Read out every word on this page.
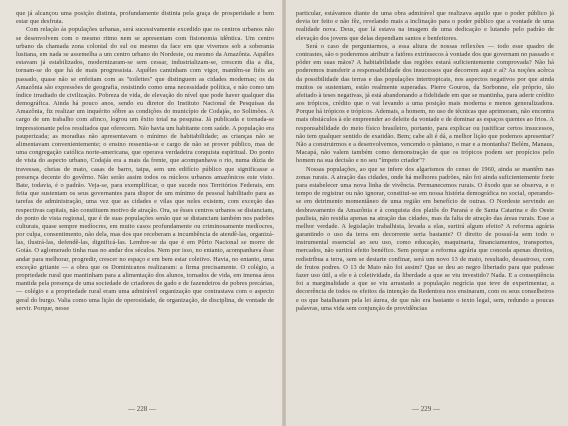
que já alcançou uma posição distinta, profundamente distinta pela graça de prosperidade e bem estar que desfruta.

Com relação às populações urbanas, será sucessivamente excedido que os centros urbanos não se desenvolvem com o mesmo ritmo nem se apresentam com fisionomia idêntica. Um centro urbano da chamada zona colonial do sul ou mesmo da face em que vivemos sob a soberania lusitana, em nada se assemelha a um centro urbano do Nordeste, ou mesmo da Amazônia. Aquêles estavam já estabilizados, modernizaram-se sem cessar, industrializam-se, crescem dia a dia, tornam-se do que há de mais progressista. Aquêles caminham com vigor, mantêm-se fiéis ao passado, quase não se enfeitam com as "toilettes" que distinguem as cidades modernas; os da Amazônia são expressões de geografia, resistindo como uma necessidade política, e não como um índice irradiado de civilização. Pobreza de vida, de elevação do nível que pode haver qualquer dia demográfica. Ainda há pouco anos, sendo eu diretor do Instituto Nacional de Pesquisas da Amazônia, fiz realizar um inquérito sôbre as condições do município de Codajás, no Solimões. A cargo de um trabalho com afinco, logrou um êxito total na pesquisa. Já publicada e tornada-se impressionante pelos resultados que oferecem. Não havia um habitante com saúde. A população era pauperizada; as moradias não apresentavam o mínimo de habitabilidade; as crianças não se alimentavam convenientemente; o ensino ressentia-se e cargo de não se prover público, mas de uma congregação católica norte-americana, que operava verdadeira conquista espiritual. Do ponto de vista do aspecto urbano, Codajás era a mais da frente, que acompanhava o rio, numa dúzia de travessas, cheias de mato, casas de barro, taipa, sem um edifício público que significasse a presença decente do govêrno. Não serão assim todos os núcleos urbanos amazônicos este visto. Bate, todavia, é o padrão. Veja-se, para exemplificar, o que sucede nos Territórios Federais, em feita que sustentam os seus governantes para dispor de um mínimo de pessoal habilitado para as tarefas de administração, uma vez que as cidades e vilas que neles existem, com exceção das respectivas capitais, não constituem motivo de atração. Ora, se êsses centros urbanos se distanciam, do ponto de vista regional, que é de suas populações senão que se distanciam também nos padrões culturais, quase sempre medíocres, em muito casos profundamente ou criminosamente medíocres, por culpa, consentimento, não dela, mas dos que receberam a incumbência de atendê-las, organizá-las, ilustrá-las, defendê-las, dignificá-las. Lembre-se da que é em Pôrto Nacional se morre de Goiás. O aglomerado tinha ruas no andar dos séculos. Nem por isso, no entanto, acompanhava êsse andar para melhorar, progredir, crescer no espaço e em bem estar coletivo. Havia, no entanto, uma exceção gritante — a obra que os Dominicanos realizaram: a firma precisamente. O colégio, a propriedade rural que mantinham para a alimentação dos alunos, tornados de vida, em imensa área mantida pela presença de uma sociedade de criadores de gado e de fazendeiros de pobres precárias, — colégio e a propriedade rural eram uma admirável organização que contrastava com o aspecto geral do burgo. Valia como uma lição de operosidade, de organização, de disciplina, de vontade de servir. Porque, nesse

— 228 —

particular, estávamos diante de uma obra admirável que realizava aquilo que o poder público já devia ter feito e não fêz, revelando mais a inclinação para o poder público que a vontade de uma realidade nova. Deus, que lá estava na imagem de uma dedicação e lutando pelo padrão de elevação dos jovens que delas dependiam santos e benfeitores.

Será o caso de perguntarmos, a essa altura de nossas reflexões — todo esse quadro de contrastes, são o poderemos atribuir a fatôres extrínsecos à vontade dos que governam no passado e põder em suas mãos? A habitabilidade das regiões estará suficientemente comprovada? Não há poderemos transferir a responsabilidade dos insucessos que decorrem aqui e aí? As noções acêrca da possibilidade das terras e das populações intertropicais, nos aspectos negativos por que ainda muitos os sustentam, estão realmente superadas. Pierre Gourou, da Sorbonne, ele próprio, tão afeitado à teses negativas, já está abandonando a fidelidade em que se mantinha, para aderir crédito aos trópicos, crédito que o vai levando a uma posição mais moderna e menos generalizadora. Porque há trópicos e trópicos. Ademais, a homem, no uso de técnicas que aprimoram, não encontra mais obstáculos à ele empreender ao deleite da vontade e de dominar as espaços quentes ao frios. A responsabilidade do meio físico brasileiro, portanto, para explicar ou justificar certos insucessos, não tem qualquer sentido de exatidão. Bem; cabe ali é dá, a melhor lição que podemos apresentar? Não a construirmos e a desenvolvemos, vencendo o pântano, o mar e a montanha? Belém, Manaus, Macapá, não valem também como demonstração de que os trópicos podem ser propícios pelo homem na sua decisão e no seu "ímpeto criador"?

Nossas populações, ao que se infere dos algarismos do censo de 1960, ainda se mantêm nas zonas rurais. A atração das cidades, onde há melhores padrões, não foi ainda suficientemente forte para estabelecer uma nova linha de vivência. Permanecemos rurais. O êxodo que se observa, e o tempo de registrar ou não ignorar, constitui-se em nossa história demográfica no social, operando-se em detrimento momentâneo de uma região em benefício de outras. O Nordeste servindo ao desbravamento da Amazônia e à conquista dos platôs do Paraná e de Santa Catarina e do Oeste paulista, não residia apenas na atração das cidades, mas da falta de atração das áreas rurais. Esse a melhor verdade. A legislação trabalhista, levada a elas, surtirá algum efeito? A reforma agrária garantindo o uso da terra em decorrente seria bastante? O direito de possuí-la sem todo o instrumental essencial ao seu uso, como educação, maquinaria, financiamentos, transportes, mercados, não surtirá efeito benéfico. Sem porque a reforma agrária que conceda apenas direitos, redistribua a terra, sem se destarte confinar, será um novo 13 de maio, resultado, desastroso, com de frutos podres. O 13 de Maio não foi assim? Que se deu ao negro libertado para que pudesse fazer uso útil, a ele e à coletividade, da liberdade a que se viu investido? Nada. E a conseqüência foi a marginalidade a que se viu arrastado a população negrícia que teve de experimentar, a decorrência de todos os efeitos da intenção da Redentora nos ensinaram, com os seus conselheiros e os que batalharam pela lei áurea, de que não era bastante o texto legal, sem, redundo a poucas palavras, uma vida sem conjunção de providências

— 229 —
